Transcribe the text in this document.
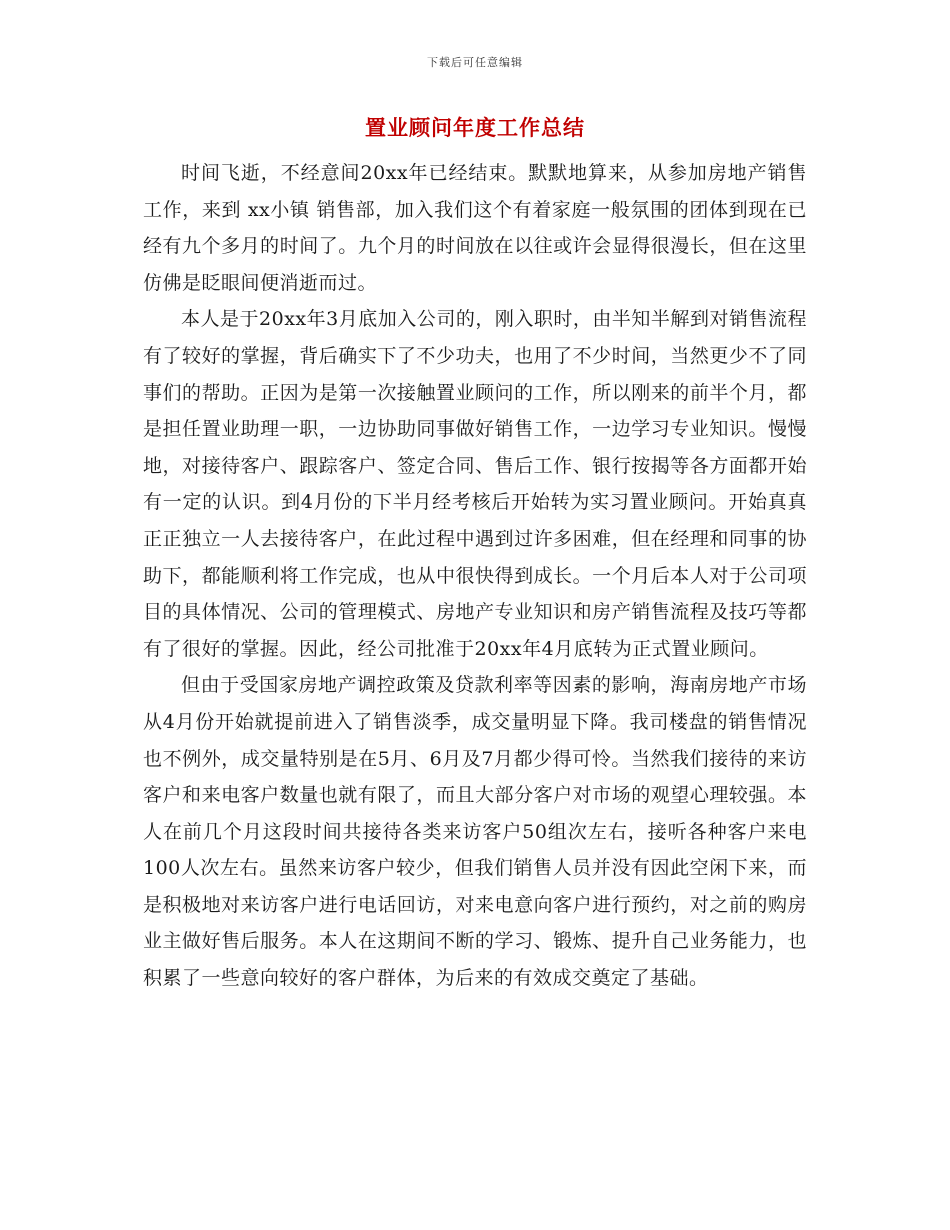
下载后可任意编辑
置业顾问年度工作总结

时间飞逝，不经意间20xx年已经结束。默默地算来，从参加房地产销售工作，来到 xx小镇 销售部，加入我们这个有着家庭一般氛围的团体到现在已经有九个多月的时间了。九个月的时间放在以往或许会显得很漫长，但在这里仿佛是眨眼间便消逝而过。

本人是于20xx年3月底加入公司的，刚入职时，由半知半解到对销售流程有了较好的掌握，背后确实下了不少功夫，也用了不少时间，当然更少不了同事们的帮助。正因为是第一次接触置业顾问的工作，所以刚来的前半个月，都是担任置业助理一职，一边协助同事做好销售工作，一边学习专业知识。慢慢地，对接待客户、跟踪客户、签定合同、售后工作、银行按揭等各方面都开始有一定的认识。到4月份的下半月经考核后开始转为实习置业顾问。开始真真正正独立一人去接待客户，在此过程中遇到过许多困难，但在经理和同事的协助下，都能顺利将工作完成，也从中很快得到成长。一个月后本人对于公司项目的具体情况、公司的管理模式、房地产专业知识和房产销售流程及技巧等都有了很好的掌握。因此，经公司批准于20xx年4月底转为正式置业顾问。

但由于受国家房地产调控政策及贷款利率等因素的影响，海南房地产市场从4月份开始就提前进入了销售淡季，成交量明显下降。我司楼盘的销售情况也不例外，成交量特别是在5月、6月及7月都少得可怜。当然我们接待的来访客户和来电客户数量也就有限了，而且大部分客户对市场的观望心理较强。本人在前几个月这段时间共接待各类来访客户50组次左右，接听各种客户来电100人次左右。虽然来访客户较少，但我们销售人员并没有因此空闲下来，而是积极地对来访客户进行电话回访，对来电意向客户进行预约，对之前的购房业主做好售后服务。本人在这期间不断的学习、锻炼、提升自己业务能力，也积累了一些意向较好的客户群体，为后来的有效成交奠定了基础。
